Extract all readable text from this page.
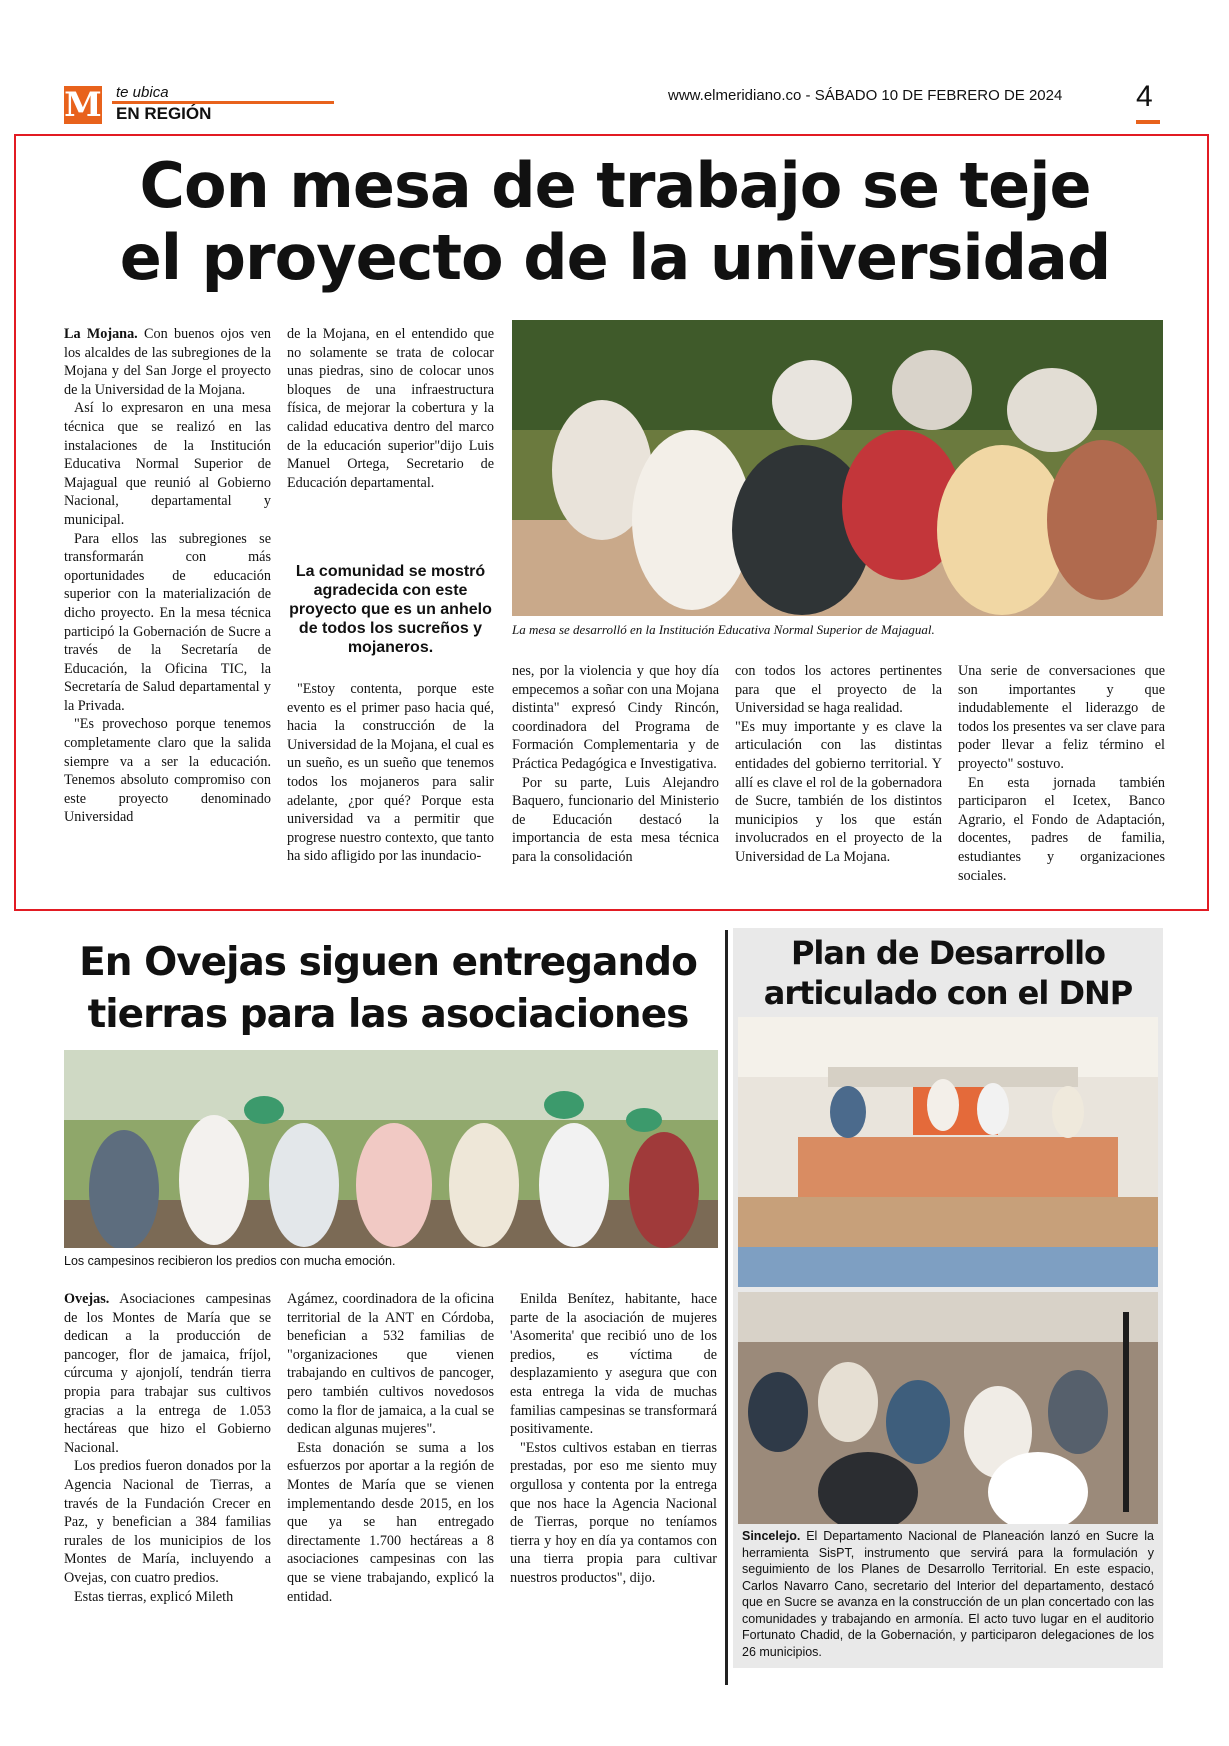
M te ubica
EN REGIÓN
www.elmeridiano.co - SÁBADO 10 DE FEBRERO DE 2024 4
Con mesa de trabajo se teje
el proyecto de la universidad

La Mojana. Con buenos ojos ven los alcaldes de las subregiones de la Mojana y del San Jorge el proyecto de la Universidad de la Mojana.

Así lo expresaron en una mesa técnica que se realizó en las instalaciones de la Institución Educativa Normal Superior de Majagual que reunió al Gobierno Nacional, departamental y municipal.

Para ellos las subregiones se transformarán con más oportunidades de educación superior con la materialización de dicho proyecto. En la mesa técnica participó la Gobernación de Sucre a través de la Secretaría de Educación, la Oficina TIC, la Secretaría de Salud departamental y la Privada.

"Es provechoso porque tenemos completamente claro que la salida siempre va a ser la educación. Tenemos absoluto compromiso con este proyecto denominado Universidad

de la Mojana, en el entendido que no solamente se trata de colocar unas piedras, sino de colocar unos bloques de una infraestructura física, de mejorar la cobertura y la calidad educativa dentro del marco de la educación superior"dijo Luis Manuel Ortega, Secretario de Educación departamental.

La comunidad se mostró agradecida con este proyecto que es un anhelo de todos los sucreños y mojaneros.

"Estoy contenta, porque este evento es el primer paso hacia qué, hacia la construcción de la Universidad de la Mojana, el cual es un sueño, es un sueño que tenemos todos los mojaneros para salir adelante, ¿por qué? Porque esta universidad va a permitir que progrese nuestro contexto, que tanto ha sido afligido por las inundacio-

La mesa se desarrolló en la Institución Educativa Normal Superior de Majagual.

nes, por la violencia y que hoy día empecemos a soñar con una Mojana distinta" expresó Cindy Rincón, coordinadora del Programa de Formación Complementaria y de Práctica Pedagógica e Investigativa.

Por su parte, Luis Alejandro Baquero, funcionario del Ministerio de Educación destacó la importancia de esta mesa técnica para la consolidación

con todos los actores pertinentes para que el proyecto de la Universidad se haga realidad.

"Es muy importante y es clave la articulación con las distintas entidades del gobierno territorial. Y allí es clave el rol de la gobernadora de Sucre, también de los distintos municipios y los que están involucrados en el proyecto de la Universidad de La Mojana.

Una serie de conversaciones que son importantes y que indudablemente el liderazgo de todos los presentes va ser clave para poder llevar a feliz término el proyecto" sostuvo.

En esta jornada también participaron el Icetex, Banco Agrario, el Fondo de Adaptación, docentes, padres de familia, estudiantes y organizaciones sociales.

En Ovejas siguen entregando
tierras para las asociaciones
Los campesinos recibieron los predios con mucha emoción.

Ovejas. Asociaciones campesinas de los Montes de María que se dedican a la producción de pancoger, flor de jamaica, fríjol, cúrcuma y ajonjolí, tendrán tierra propia para trabajar sus cultivos gracias a la entrega de 1.053 hectáreas que hizo el Gobierno Nacional.

Los predios fueron donados por la Agencia Nacional de Tierras, a través de la Fundación Crecer en Paz, y benefician a 384 familias rurales de los municipios de los Montes de María, incluyendo a Ovejas, con cuatro predios.

Estas tierras, explicó Mileth

Agámez, coordinadora de la oficina territorial de la ANT en Córdoba, benefician a 532 familias de "organizaciones que vienen trabajando en cultivos de pancoger, pero también cultivos novedosos como la flor de jamaica, a la cual se dedican algunas mujeres".

Esta donación se suma a los esfuerzos por aportar a la región de Montes de María que se vienen implementando desde 2015, en los que ya se han entregado directamente 1.700 hectáreas a 8 asociaciones campesinas con las que se viene trabajando, explicó la entidad.

Enilda Benítez, habitante, hace parte de la asociación de mujeres 'Asomerita' que recibió uno de los predios, es víctima de desplazamiento y asegura que con esta entrega la vida de muchas familias campesinas se transformará positivamente.

"Estos cultivos estaban en tierras prestadas, por eso me siento muy orgullosa y contenta por la entrega que nos hace la Agencia Nacional de Tierras, porque no teníamos tierra y hoy en día ya contamos con una tierra propia para cultivar nuestros productos", dijo.

Plan de Desarrollo
articulado con el DNP
Sincelejo. El Departamento Nacional de Planeación lanzó en Sucre la herramienta SisPT, instrumento que servirá para la formulación y seguimiento de los Planes de Desarrollo Territorial. En este espacio, Carlos Navarro Cano, secretario del Interior del departamento, destacó que en Sucre se avanza en la construcción de un plan concertado con las comunidades y trabajando en armonía. El acto tuvo lugar en el auditorio Fortunato Chadid, de la Gobernación, y participaron delegaciones de los 26 municipios.
